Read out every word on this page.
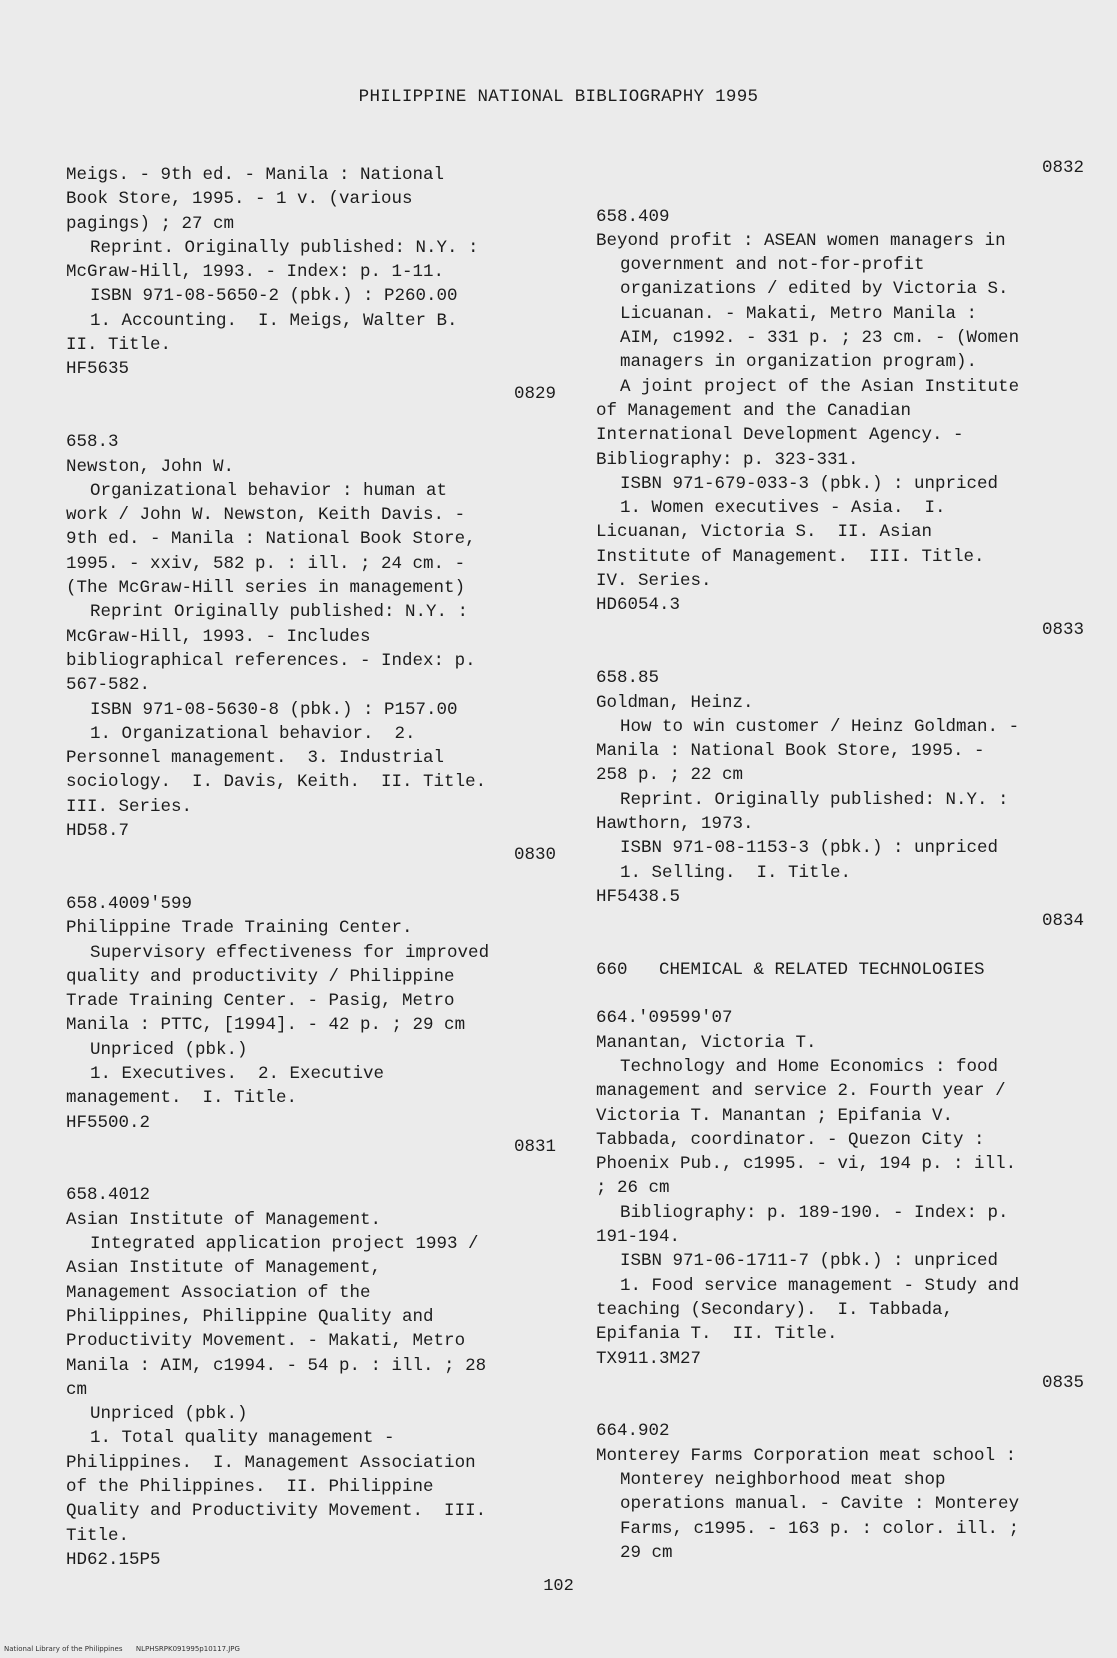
PHILIPPINE NATIONAL BIBLIOGRAPHY 1995
Meigs. - 9th ed. - Manila : National
Book Store, 1995. - 1 v. (various
pagings) ; 27 cm
Reprint. Originally published: N.Y. :
McGraw-Hill, 1993. - Index: p. 1-11.
ISBN 971-08-5650-2 (pbk.) : P260.00
1. Accounting.  I. Meigs, Walter B.
II. Title.
HF5635
0829
658.3
Newston, John W.
Organizational behavior : human at
work / John W. Newston, Keith Davis. -
9th ed. - Manila : National Book Store,
1995. - xxiv, 582 p. : ill. ; 24 cm. -
(The McGraw-Hill series in management)
Reprint Originally published: N.Y. :
McGraw-Hill, 1993. - Includes
bibliographical references. - Index: p.
567-582.
ISBN 971-08-5630-8 (pbk.) : P157.00
1. Organizational behavior.  2.
Personnel management.  3. Industrial
sociology.  I. Davis, Keith.  II. Title.
III. Series.
HD58.7
0830
658.4009'599
Philippine Trade Training Center.
Supervisory effectiveness for improved
quality and productivity / Philippine
Trade Training Center. - Pasig, Metro
Manila : PTTC, [1994]. - 42 p. ; 29 cm
Unpriced (pbk.)
1. Executives.  2. Executive
management.  I. Title.
HF5500.2
0831
658.4012
Asian Institute of Management.
Integrated application project 1993 /
Asian Institute of Management,
Management Association of the
Philippines, Philippine Quality and
Productivity Movement. - Makati, Metro
Manila : AIM, c1994. - 54 p. : ill. ; 28
cm
Unpriced (pbk.)
1. Total quality management -
Philippines.  I. Management Association
of the Philippines.  II. Philippine
Quality and Productivity Movement.  III.
Title.
HD62.15P5
0832
658.409
Beyond profit : ASEAN women managers in
government and not-for-profit
organizations / edited by Victoria S.
Licuanan. - Makati, Metro Manila :
AIM, c1992. - 331 p. ; 23 cm. - (Women
managers in organization program).
A joint project of the Asian Institute
of Management and the Canadian
International Development Agency. -
Bibliography: p. 323-331.
ISBN 971-679-033-3 (pbk.) : unpriced
1. Women executives - Asia.  I.
Licuanan, Victoria S.  II. Asian
Institute of Management.  III. Title.
IV. Series.
HD6054.3
0833
658.85
Goldman, Heinz.
How to win customer / Heinz Goldman. -
Manila : National Book Store, 1995. -
258 p. ; 22 cm
Reprint. Originally published: N.Y. :
Hawthorn, 1973.
ISBN 971-08-1153-3 (pbk.) : unpriced
1. Selling.  I. Title.
HF5438.5
0834
660   CHEMICAL & RELATED TECHNOLOGIES
664.'09599'07
Manantan, Victoria T.
Technology and Home Economics : food
management and service 2. Fourth year /
Victoria T. Manantan ; Epifania V.
Tabbada, coordinator. - Quezon City :
Phoenix Pub., c1995. - vi, 194 p. : ill.
; 26 cm
Bibliography: p. 189-190. - Index: p.
191-194.
ISBN 971-06-1711-7 (pbk.) : unpriced
1. Food service management - Study and
teaching (Secondary).  I. Tabbada,
Epifania T.  II. Title.
TX911.3M27
0835
664.902
Monterey Farms Corporation meat school :
Monterey neighborhood meat shop
operations manual. - Cavite : Monterey
Farms, c1995. - 163 p. : color. ill. ;
29 cm
102
National Library of the Philippines      NLPHSRPK091995p10117.JPG
